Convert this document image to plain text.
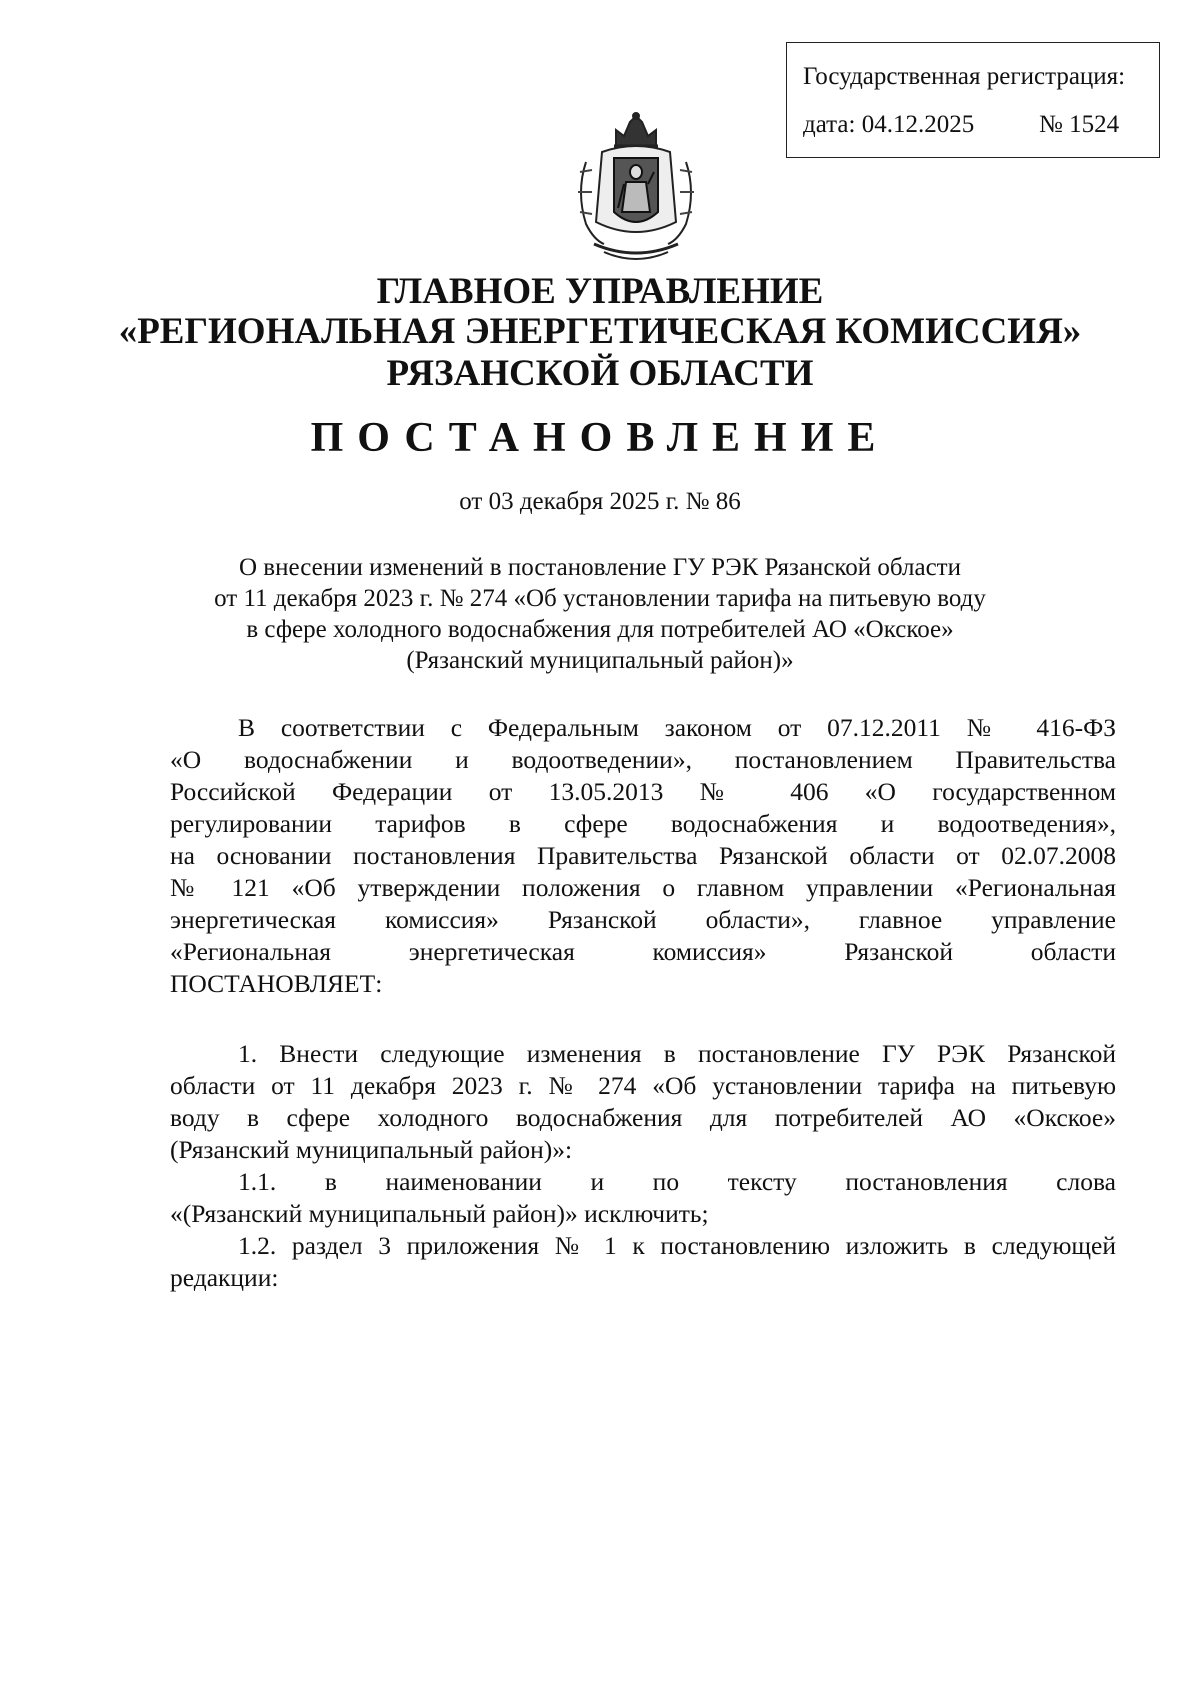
Государственная регистрация:
дата: 04.12.2025	№ 1524
ГЛАВНОЕ УПРАВЛЕНИЕ
«РЕГИОНАЛЬНАЯ ЭНЕРГЕТИЧЕСКАЯ КОМИССИЯ»
РЯЗАНСКОЙ ОБЛАСТИ
ПОСТАНОВЛЕНИЕ
от 03 декабря 2025 г. № 86
О внесении изменений в постановление ГУ РЭК Рязанской области
от 11 декабря 2023 г. № 274 «Об установлении тарифа на питьевую воду
в сфере холодного водоснабжения для потребителей АО «Окское»
(Рязанский муниципальный район)»
В соответствии с Федеральным законом от 07.12.2011 № 416-ФЗ
«О водоснабжении и водоотведении», постановлением Правительства
Российской Федерации от 13.05.2013 № 406 «О государственном
регулировании тарифов в сфере водоснабжения и водоотведения»,
на основании постановления Правительства Рязанской области от 02.07.2008
№ 121 «Об утверждении положения о главном управлении «Региональная
энергетическая комиссия» Рязанской области», главное управление
«Региональная энергетическая комиссия» Рязанской области
ПОСТАНОВЛЯЕТ:
1. Внести следующие изменения в постановление ГУ РЭК Рязанской
области от 11 декабря 2023 г. № 274 «Об установлении тарифа на питьевую
воду в сфере холодного водоснабжения для потребителей АО «Окское»
(Рязанский муниципальный район)»:
1.1. в наименовании и по тексту постановления слова
«(Рязанский муниципальный район)» исключить;
1.2. раздел 3 приложения № 1 к постановлению изложить в следующей
редакции:
